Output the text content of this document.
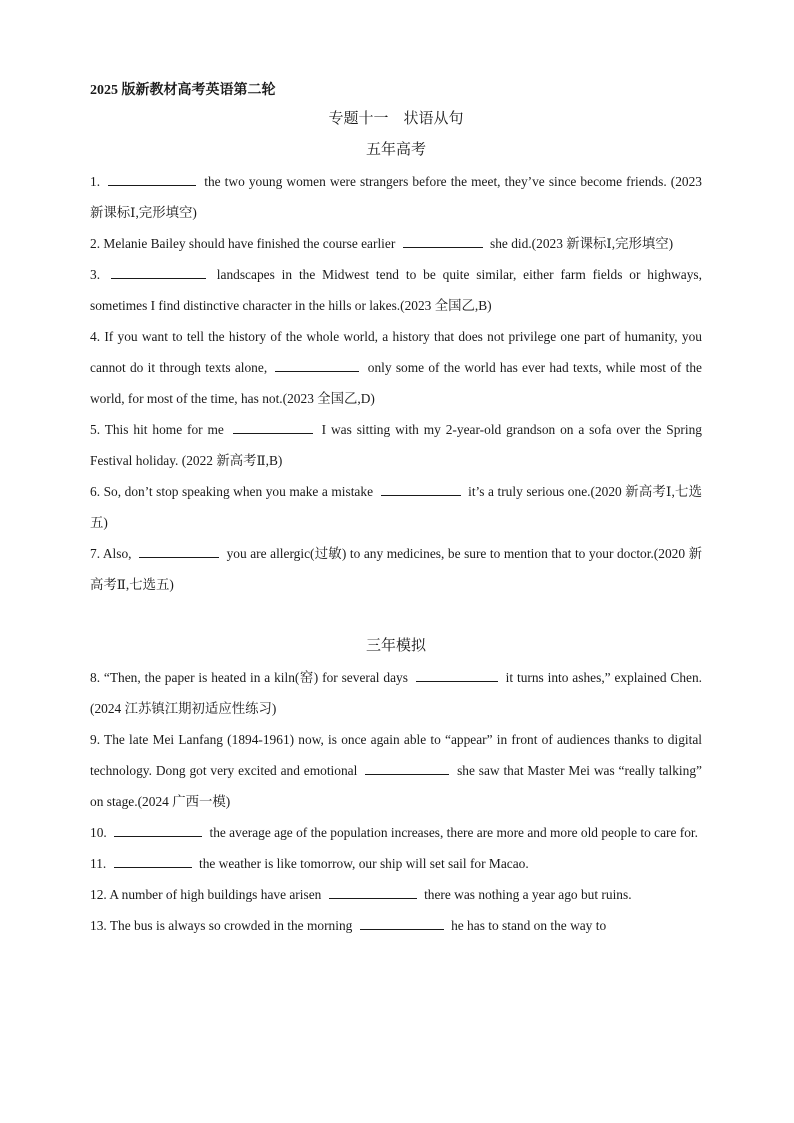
2025 版新教材高考英语第二轮

专题十一    状语从句

五年高考

1.	the two young women were strangers before the meet, they’ve since become friends. (2023 新课标Ⅰ,完形填空)

2. Melanie Bailey should have finished the course earlier	she did.(2023 新课标Ⅰ,完形填空)

3.	landscapes in the Midwest tend to be quite similar, either farm fields or highways, sometimes I find distinctive character in the hills or lakes.(2023 全国乙,B)

4. If you want to tell the history of the whole world, a history that does not privilege one part of humanity, you cannot do it through texts alone,	only some of the world has ever had texts, while most of the world, for most of the time, has not.(2023 全国乙,D)

5. This hit home for me	I was sitting with my 2-year-old grandson on a sofa over the Spring Festival holiday. (2022 新高考Ⅱ,B)

6. So, don’t stop speaking when you make a mistake	it’s a truly serious one.(2020 新高考Ⅰ,七选五)

7. Also,	you are allergic(过敏) to any medicines, be sure to mention that to your doctor.(2020 新高考Ⅱ,七选五)

三年模拟

8. “Then, the paper is heated in a kiln(窑) for several days	it turns into ashes,” explained Chen.(2024 江苏镇江期初适应性练习)

9. The late Mei Lanfang (1894-1961) now, is once again able to “appear” in front of audiences thanks to digital technology. Dong got very excited and emotional	she saw that Master Mei was “really talking” on stage.(2024 广西一模)

10.	the average age of the population increases, there are more and more old people to care for.

11.	the weather is like tomorrow, our ship will set sail for Macao.

12. A number of high buildings have arisen	there was nothing a year ago but ruins.

13. The bus is always so crowded in the morning	he has to stand on the way to
